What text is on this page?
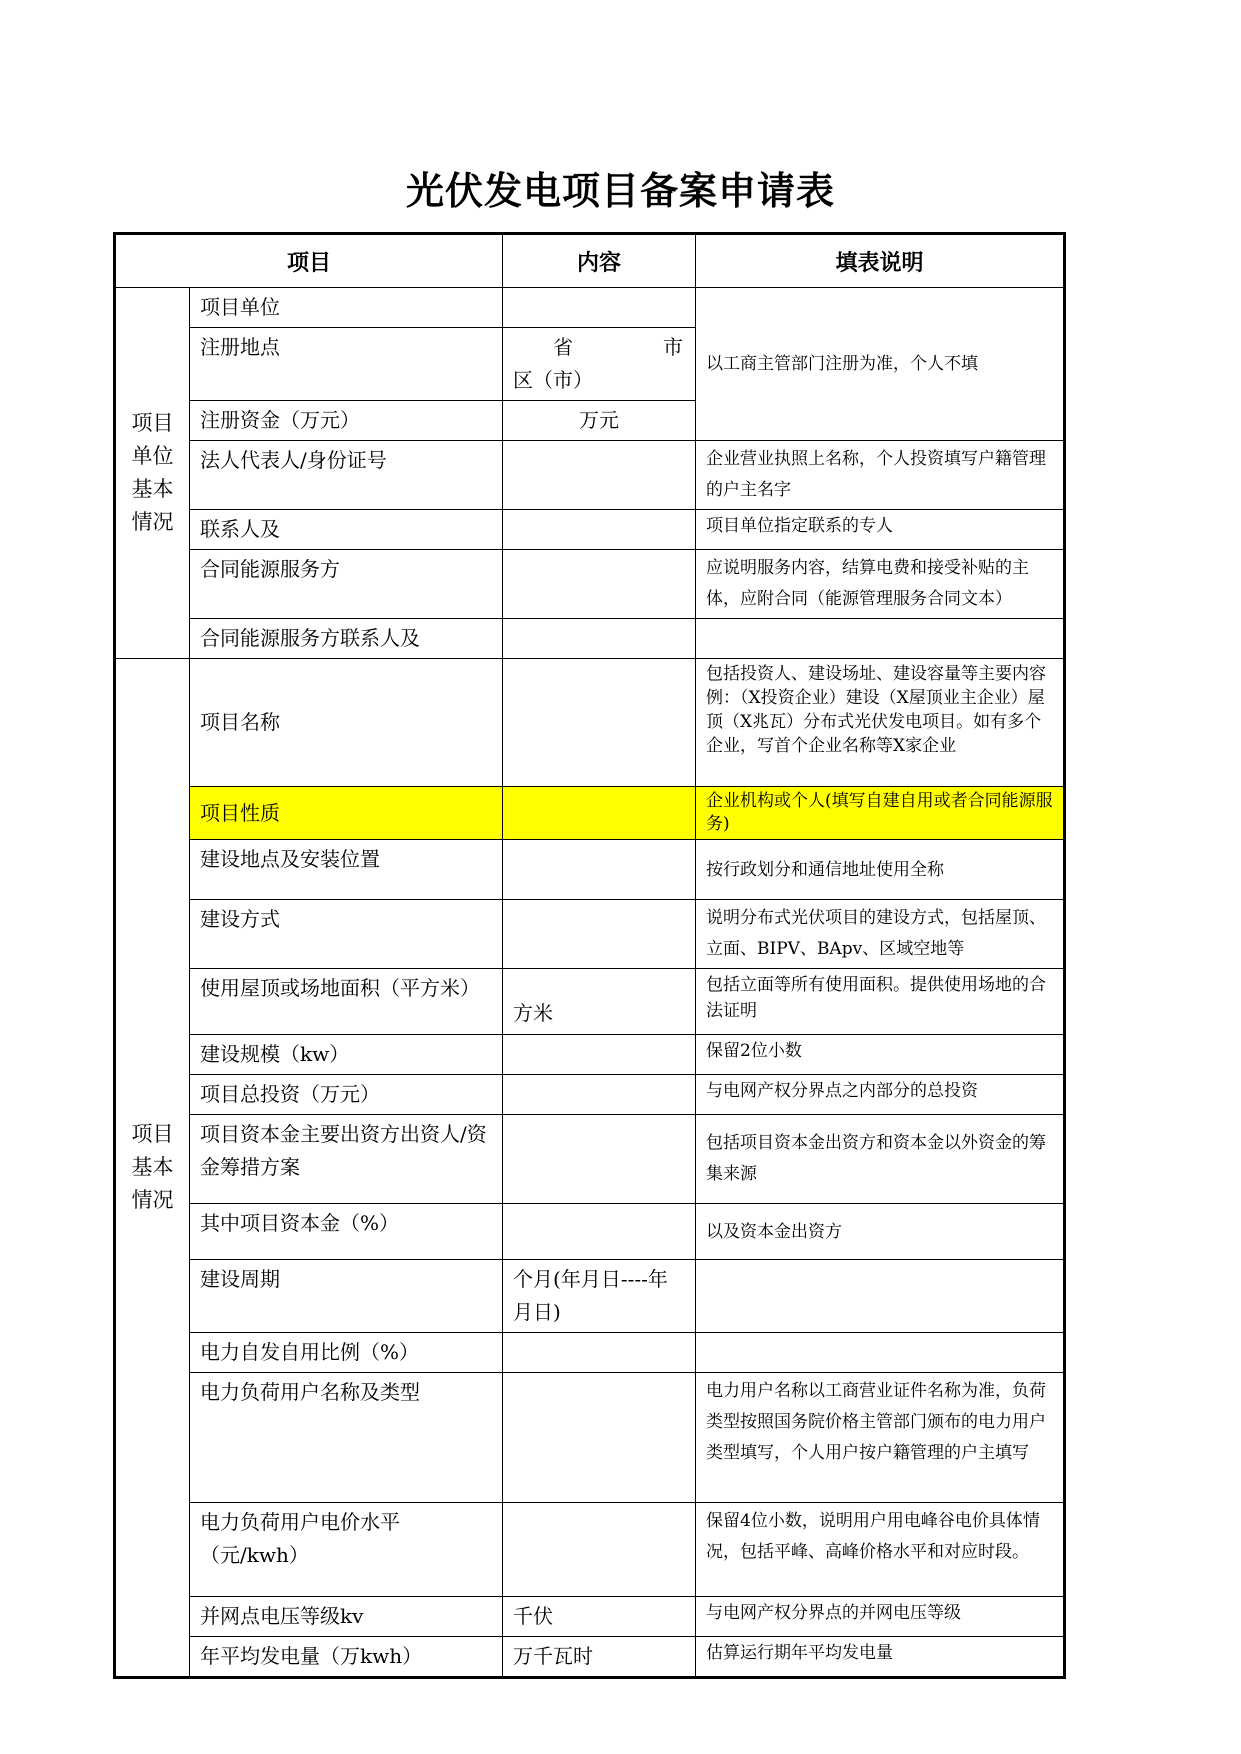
光伏发电项目备案申请表
项目		内容	填表说明

项目单位基本情况	项目单位		以工商主管部门注册为准，个人不填
	注册地点	省 市
区（市）	

	注册资金（万元）	万元	
	法人代表人/身份证号		企业营业执照上名称，个人投资填写户籍管理的户主名字
	联系人及		项目单位指定联系的专人
	合同能源服务方		应说明服务内容，结算电费和接受补贴的主体，应附合同（能源管理服务合同文本）
	合同能源服务方联系人及		

项目基本情况	项目名称		包括投资人、建设场址、建设容量等主要内容例：（X投资企业）建设（X屋顶业主企业）屋顶（X兆瓦）分布式光伏发电项目。如有多个企业，写首个企业名称等X家企业
	项目性质		企业机构或个人(填写自建自用或者合同能源服务)
	建设地点及安装位置		按行政划分和通信地址使用全称
	建设方式		说明分布式光伏项目的建设方式，包括屋顶、立面、BIPV、BApv、区域空地等
	使用屋顶或场地面积（平方米）	方米	包括立面等所有使用面积。提供使用场地的合法证明
	建设规模（kw）		保留2位小数
	项目总投资（万元）		与电网产权分界点之内部分的总投资
	项目资本金主要出资方出资人/资金筹措方案		包括项目资本金出资方和资本金以外资金的筹集来源
	其中项目资本金（%）		以及资本金出资方
	建设周期	个月(年月日----年月日)	
	电力自发自用比例（%）		
	电力负荷用户名称及类型		电力用户名称以工商营业证件名称为准，负荷类型按照国务院价格主管部门颁布的电力用户类型填写，个人用户按户籍管理的户主填写
	电力负荷用户电价水平（元/kwh）		保留4位小数，说明用户用电峰谷电价具体情况，包括平峰、高峰价格水平和对应时段。
	并网点电压等级kv	千伏	与电网产权分界点的并网电压等级
	年平均发电量（万kwh）	万千瓦时	估算运行期年平均发电量
